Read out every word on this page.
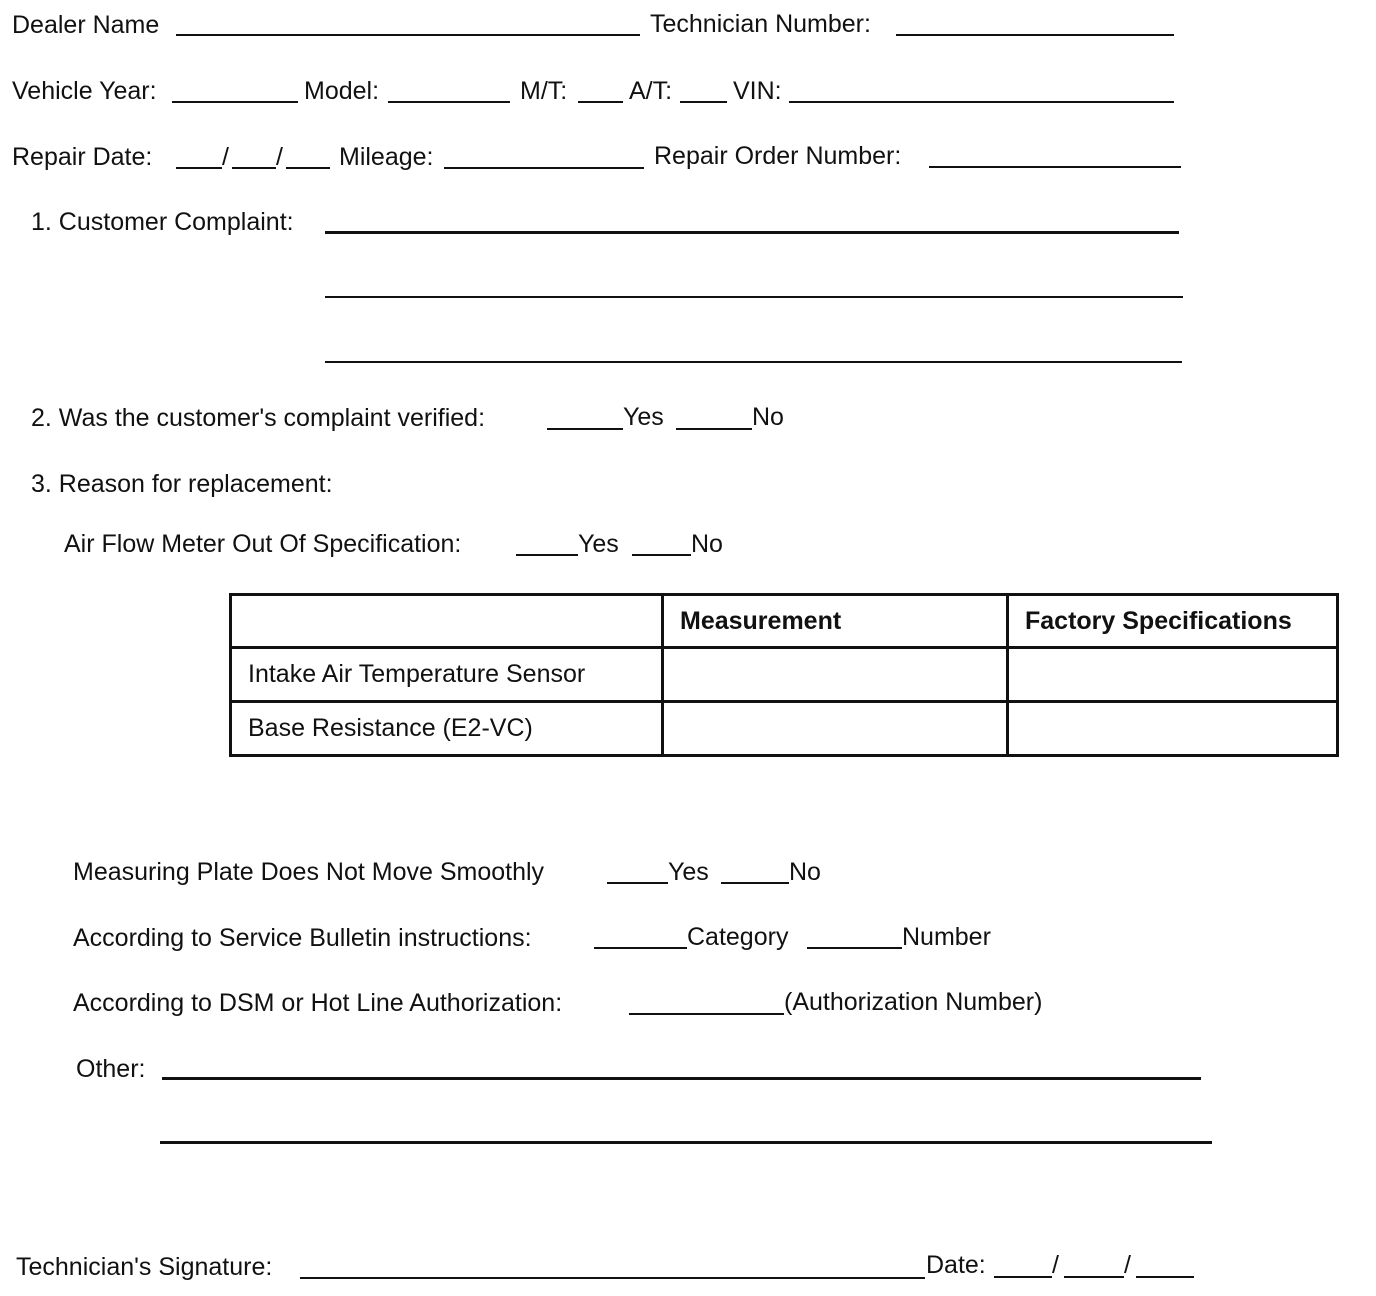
Dealer Name	Technician Number:
Vehicle Year:	Model:	M/T: A/T: VIN:
Repair Date:	/ / Mileage:	Repair Order Number:
1. Customer Complaint:
2. Was the customer's complaint verified:	Yes	No
3. Reason for replacement:
Air Flow Meter Out Of Specification:	Yes	No
	Measurement	Factory Specifications	
Intake Air Temperature Sensor			
Base Resistance (E2-VC)			
Measuring Plate Does Not Move Smoothly	Yes	No
According to Service Bulletin instructions:	Category	Number
According to DSM or Hot Line Authorization:	(Authorization Number)
Other:
Technician's Signature:	Date:	/	/
